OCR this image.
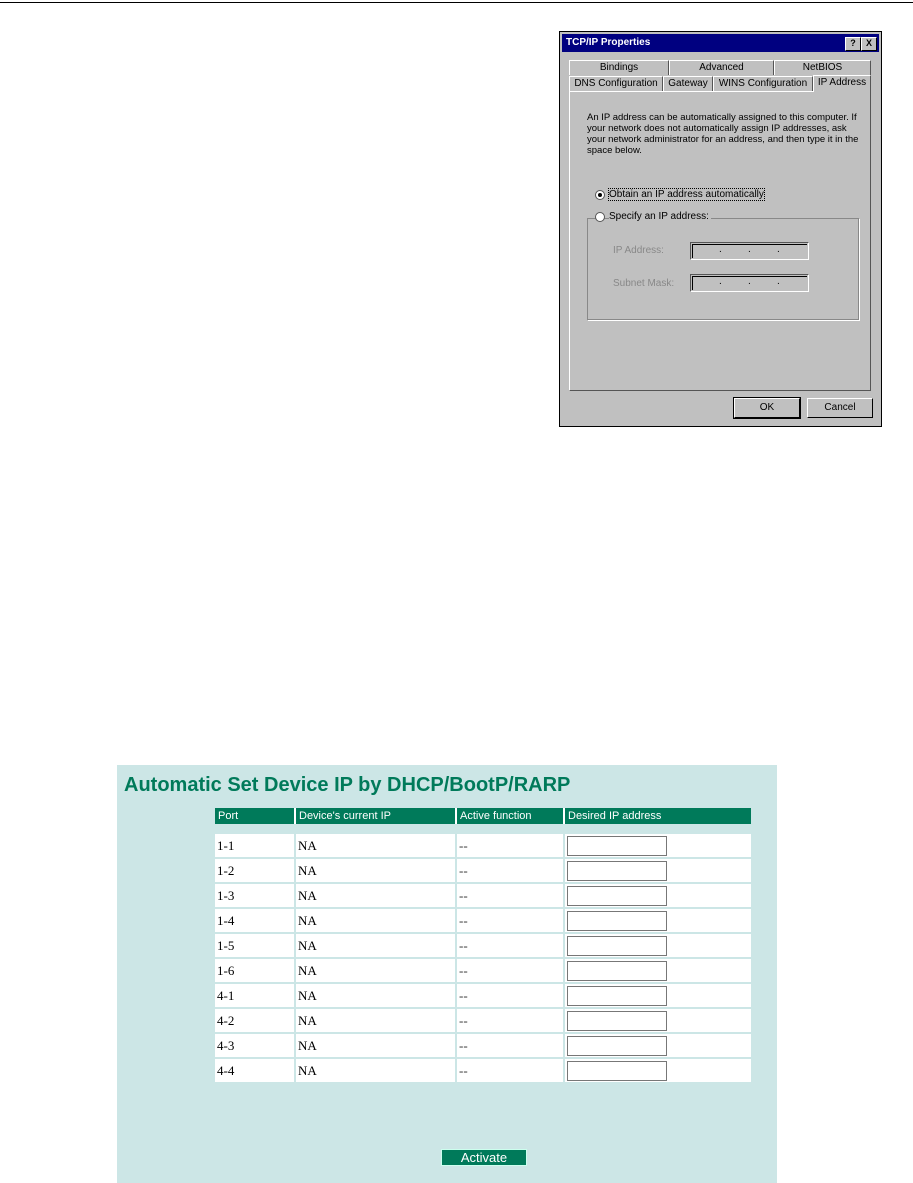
TCP/IP Properties	?	X
Bindings	Advanced	NetBIOS
DNS Configuration	Gateway	WINS Configuration	IP Address
An IP address can be automatically assigned to this computer. If your network does not automatically assign IP addresses, ask your network administrator for an address, and then type it in the space below.
Obtain an IP address automatically
Specify an IP address:
IP Address:	.	.	.
Subnet Mask:	.	.	.
OK	Cancel
Automatic Set Device IP by DHCP/BootP/RARP
Port	Device's current IP	Active function	Desired IP address
1-1	NA	--
1-2	NA	--
1-3	NA	--
1-4	NA	--
1-5	NA	--
1-6	NA	--
4-1	NA	--
4-2	NA	--
4-3	NA	--
4-4	NA	--
Activate
